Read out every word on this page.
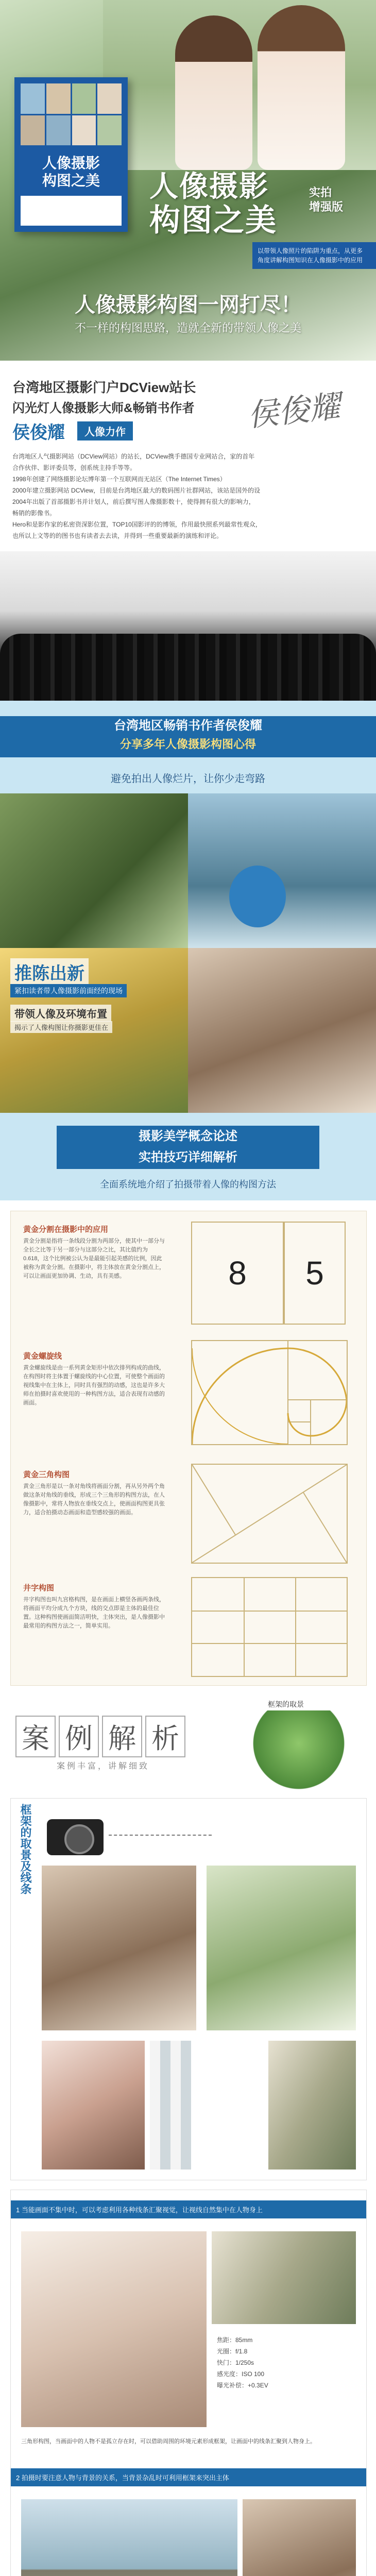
人像摄影
构图之美	人像摄影
构图之美
实拍
增强版
以带领人像照片的陷阱为重点，从更多
角度讲解构图知识在人像摄影中的应用
人像摄影构图一网打尽！
不一样的构图思路，造就全新的带领人像之美
台湾地区摄影门户DCView站长
闪光灯人像摄影大师&畅销书作者
侯俊耀	人像力作	侯俊耀
台湾地区人气摄影网站（DCView网站）的站长，DCView携手德国专业网站合，家的首年
合作伙伴、影评委员等，创系统主持手等等。
1998年创建了网络摄影论坛博年第一个互联网而无站区（The Internet Times）
2000年建立摄影网站 DCView，目前是台湾地区最大的数码图片社群网站，该站是国外的设
2004年出版了首部摄影书并计划人，前后撰写图人像摄影数十，使得拥有很大的影响力，
畅销的影像书。
Hero和是影作家的私密资深影位置，TOP10国影评的的博领，作用最快照系列最常性观众，
也所以上文等的的图书也有读者去去读，并得到一些重要最新的演练和评论。
台湾地区畅销书作者侯俊耀
分享多年人像摄影构图心得
避免拍出人像烂片，让你少走弯路
推陈出新
紧扣读者带人像摄影前面经的现场
带领人像及环境布置
揭示了人像构图让你摄影更佳在
摄影美学概念论述
实拍技巧详细解析
全面系统地介绍了拍摄带着人像的构图方法
黄金分割在摄影中的应用
黄金分割是指将一条线段分割为两部分，使其中一部分与全长之比等于另一部分与这部分之比，其比值约为0.618，这个比例被公认为是最能引起美感的比例，因此被称为黄金分割。在摄影中，将主体放在黄金分割点上，可以让画面更加协调、生动，具有美感。	8 5
黄金螺旋线
黄金螺旋线是由一系列黄金矩形中依次排列构成的曲线，在构图时将主体置于螺旋线的中心位置，可使整个画面的视线集中在主体上，同时具有强烈的动感，这也是许多大师在拍摄时喜欢使用的一种构图方法，适合表现有动感的画面。
黄金三角构图
黄金三角形是以一条对角线将画面分割，再从另外两个角做这条对角线的垂线，形成三个三角形的构图方法，在人像摄影中，常将人物放在垂线交点上，使画面构图更具张力，适合拍摄动态画面和造型感较强的画面。
井字构图
井字构图也叫九宫格构图，是在画面上横竖各画两条线，将画面平均分成九个方块，线的交点即是主体的最佳位置。这种构图使画面简洁明快，主体突出，是人像摄影中最常用的构图方法之一，简单实用。
案 例 解 析
案例丰富，讲解细致
框架的取景
框架的取景及线条
1 当能画面不集中时，可以考虑利用各种线条汇聚视觉，让视线自然集中在人物身上
焦距：85mm
光圈：f/1.8
快门：1/250s
感光度：ISO 100
曝光补偿：+0.3EV
三角形构图，当画面中的人物不是孤立存在时，可以借助周围的环境元素形成框架，让画面中的线条汇聚到人物身上。
2 拍摄时要注意人物与背景的关系，当背景杂乱时可利用框架来突出主体
